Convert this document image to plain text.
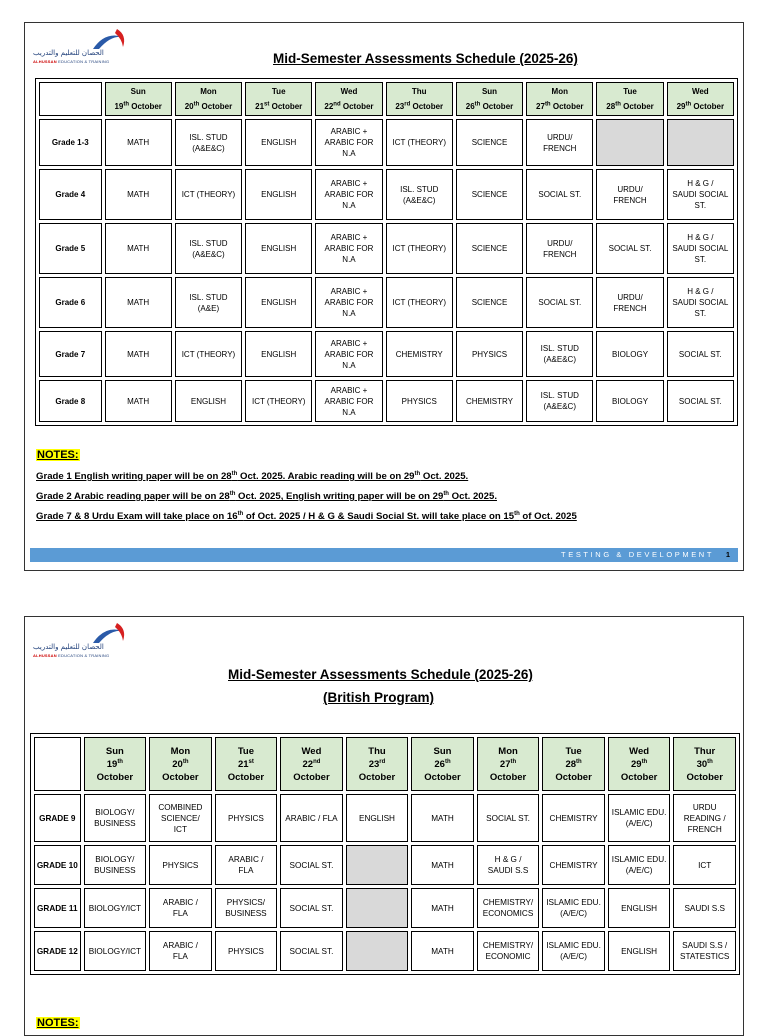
الحصان للتعليم والتدريب
ALHUSSAN EDUCATION & TRAINING	Mid-Semester Assessments Schedule (2025-26)
	Sun
19th October	Mon
20th October	Tue
21st October	Wed
22nd October	Thu
23rd October	Sun
26th October	Mon
27th October	Tue
28th October	Wed
29th October
Grade 1-3	MATH	ISL. STUD
(A&E&C)	ENGLISH	ARABIC +
ARABIC FOR
N.A	ICT (THEORY)	SCIENCE	URDU/
FRENCH		
Grade 4	MATH	ICT (THEORY)	ENGLISH	ARABIC +
ARABIC FOR
N.A	ISL. STUD
(A&E&C)	SCIENCE	SOCIAL ST.	URDU/
FRENCH	H & G /
SAUDI SOCIAL
ST.
Grade 5	MATH	ISL. STUD
(A&E&C)	ENGLISH	ARABIC +
ARABIC FOR
N.A	ICT (THEORY)	SCIENCE	URDU/
FRENCH	SOCIAL ST.	H & G /
SAUDI SOCIAL
ST.
Grade 6	MATH	ISL. STUD
(A&E)	ENGLISH	ARABIC +
ARABIC FOR
N.A	ICT (THEORY)	SCIENCE	SOCIAL ST.	URDU/
FRENCH	H & G /
SAUDI SOCIAL
ST.
Grade 7	MATH	ICT (THEORY)	ENGLISH	ARABIC +
ARABIC FOR
N.A	CHEMISTRY	PHYSICS	ISL. STUD
(A&E&C)	BIOLOGY	SOCIAL ST.
Grade 8	MATH	ENGLISH	ICT (THEORY)	ARABIC +
ARABIC FOR
N.A	PHYSICS	CHEMISTRY	ISL. STUD
(A&E&C)	BIOLOGY	SOCIAL ST.
NOTES:
Grade 1 English writing paper will be on 28th Oct. 2025. Arabic reading will be on 29th Oct. 2025.
Grade 2 Arabic reading paper will be on 28th Oct. 2025, English writing paper will be on 29th Oct. 2025.
Grade 7 & 8 Urdu Exam will take place on 16th of Oct. 2025 / H & G & Saudi Social St. will take place on 15th of Oct. 2025
TESTING & DEVELOPMENT 1
الحصان للتعليم والتدريب
ALHUSSAN EDUCATION & TRAINING
Mid-Semester Assessments Schedule (2025-26)
(British Program)
	Sun
19th
October	Mon
20th
October	Tue
21st
October	Wed
22nd
October	Thu
23rd
October	Sun
26th
October	Mon
27th
October	Tue
28th
October	Wed
29th
October	Thur
30th
October
GRADE 9	BIOLOGY/
BUSINESS	COMBINED
SCIENCE/
ICT	PHYSICS	ARABIC / FLA	ENGLISH	MATH	SOCIAL ST.	CHEMISTRY	ISLAMIC EDU.
(A/E/C)	URDU
READING /
FRENCH
GRADE 10	BIOLOGY/
BUSINESS	PHYSICS	ARABIC /
FLA	SOCIAL ST.		MATH	H & G /
SAUDI S.S	CHEMISTRY	ISLAMIC EDU.
(A/E/C)	ICT
GRADE 11	BIOLOGY/ICT	ARABIC /
FLA	PHYSICS/
BUSINESS	SOCIAL ST.		MATH	CHEMISTRY/
ECONOMICS	ISLAMIC EDU.
(A/E/C)	ENGLISH	SAUDI S.S
GRADE 12	BIOLOGY/ICT	ARABIC /
FLA	PHYSICS	SOCIAL ST.		MATH	CHEMISTRY/
ECONOMIC	ISLAMIC EDU.
(A/E/C)	ENGLISH	SAUDI S.S /
STATESTICS
NOTES:
